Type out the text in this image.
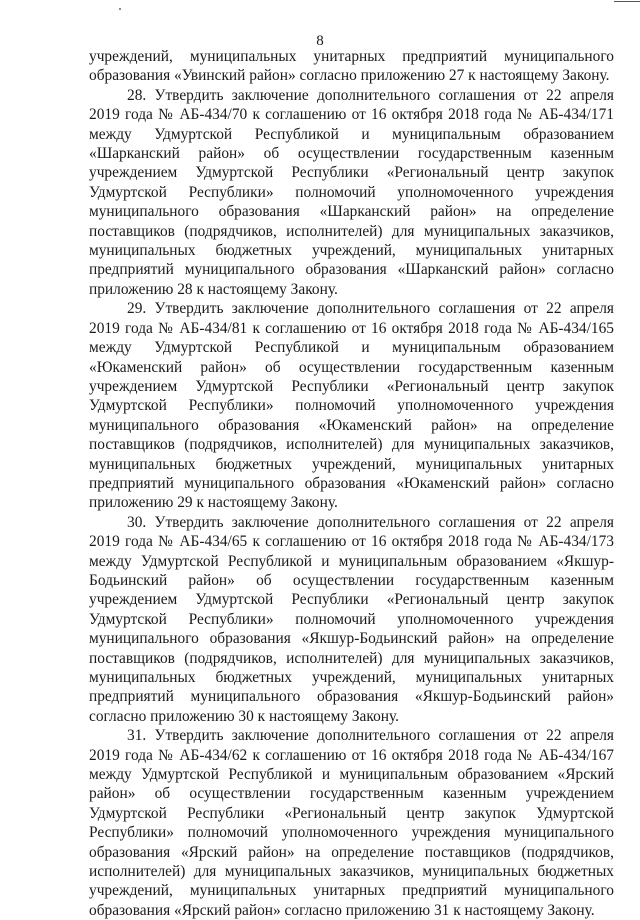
8

учреждений, муниципальных унитарных предприятий муниципального образования «Увинский район» согласно приложению 27 к настоящему Закону.

28. Утвердить заключение дополнительного соглашения от 22 апреля 2019 года № АБ-434/70 к соглашению от 16 октября 2018 года № АБ-434/171 между Удмуртской Республикой и муниципальным образованием «Шарканский район» об осуществлении государственным казенным учреждением Удмуртской Республики «Региональный центр закупок Удмуртской Республики» полномочий уполномоченного учреждения муниципального образования «Шарканский район» на определение поставщиков (подрядчиков, исполнителей) для муниципальных заказчиков, муниципальных бюджетных учреждений, муниципальных унитарных предприятий муниципального образования «Шарканский район» согласно приложению 28 к настоящему Закону.

29. Утвердить заключение дополнительного соглашения от 22 апреля 2019 года № АБ-434/81 к соглашению от 16 октября 2018 года № АБ-434/165 между Удмуртской Республикой и муниципальным образованием «Юкаменский район» об осуществлении государственным казенным учреждением Удмуртской Республики «Региональный центр закупок Удмуртской Республики» полномочий уполномоченного учреждения муниципального образования «Юкаменский район» на определение поставщиков (подрядчиков, исполнителей) для муниципальных заказчиков, муниципальных бюджетных учреждений, муниципальных унитарных предприятий муниципального образования «Юкаменский район» согласно приложению 29 к настоящему Закону.

30. Утвердить заключение дополнительного соглашения от 22 апреля 2019 года № АБ-434/65 к соглашению от 16 октября 2018 года № АБ-434/173 между Удмуртской Республикой и муниципальным образованием «Якшур-Бодьинский район» об осуществлении государственным казенным учреждением Удмуртской Республики «Региональный центр закупок Удмуртской Республики» полномочий уполномоченного учреждения муниципального образования «Якшур-Бодьинский район» на определение поставщиков (подрядчиков, исполнителей) для муниципальных заказчиков, муниципальных бюджетных учреждений, муниципальных унитарных предприятий муниципального образования «Якшур-Бодьинский район» согласно приложению 30 к настоящему Закону.

31. Утвердить заключение дополнительного соглашения от 22 апреля 2019 года № АБ-434/62 к соглашению от 16 октября 2018 года № АБ-434/167 между Удмуртской Республикой и муниципальным образованием «Ярский район» об осуществлении государственным казенным учреждением Удмуртской Республики «Региональный центр закупок Удмуртской Республики» полномочий уполномоченного учреждения муниципального образования «Ярский район» на определение поставщиков (подрядчиков, исполнителей) для муниципальных заказчиков, муниципальных бюджетных учреждений, муниципальных унитарных предприятий муниципального образования «Ярский район» согласно приложению 31 к настоящему Закону.
